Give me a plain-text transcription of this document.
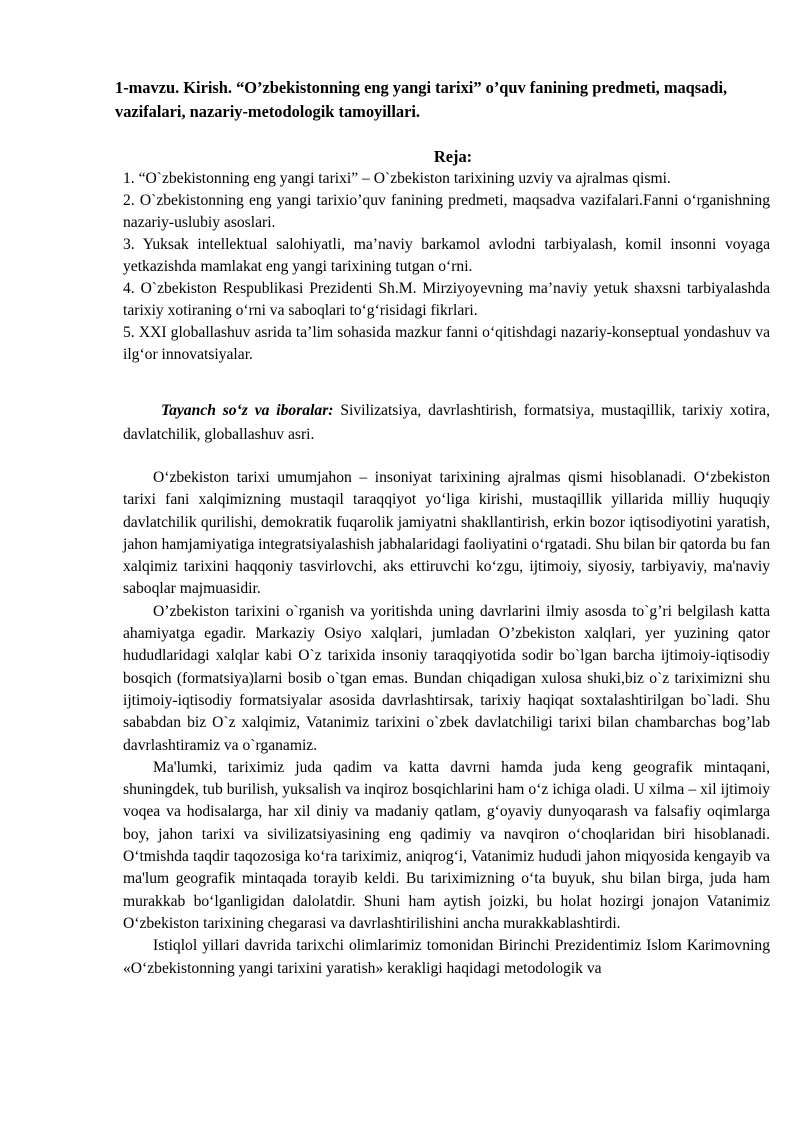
1-mavzu. Kirish. “O’zbekistonning eng yangi tarixi” o’quv fanining predmeti, maqsadi, vazifalari, nazariy-metodologik tamoyillari.
Reja:
1. “O`zbekistonning eng yangi tarixi” – O`zbekiston tarixining uzviy va ajralmas qismi.
2. O`zbekistonning eng yangi tarixio’quv fanining predmeti, maqsadva vazifalari.Fanni o‘rganishning nazariy-uslubiy asoslari.
3. Yuksak intellektual salohiyatli, ma’naviy barkamol avlodni tarbiyalash, komil insonni voyaga yetkazishda mamlakat eng yangi tarixining tutgan o‘rni.
4. O`zbekiston Respublikasi Prezidenti Sh.M. Mirziyoyevning ma’naviy yetuk shaxsni tarbiyalashda tarixiy xotiraning o‘rni va saboqlari to‘g‘risidagi fikrlari.
5. XXI globallashuv asrida ta’lim sohasida mazkur fanni o‘qitishdagi nazariy-konseptual yondashuv va ilg‘or innovatsiyalar.

Tayanch so‘z va iboralar: Sivilizatsiya, davrlashtirish, formatsiya, mustaqillik, tarixiy xotira, davlatchilik, globallashuv asri.

O‘zbekiston tarixi umumjahon – insoniyat tarixining ajralmas qismi hisoblanadi. O‘zbekiston tarixi fani xalqimizning mustaqil taraqqiyot yo‘liga kirishi, mustaqillik yillarida milliy huquqiy davlatchilik qurilishi, demokratik fuqarolik jamiyatni shakllantirish, erkin bozor iqtisodiyotini yaratish, jahon hamjamiyatiga integratsiyalashish jabhalaridagi faoliyatini o‘rgatadi. Shu bilan bir qatorda bu fan xalqimiz tarixini haqqoniy tasvirlovchi, aks ettiruvchi ko‘zgu, ijtimoiy, siyosiy, tarbiyaviy, ma'naviy saboqlar majmuasidir.

O’zbekiston tarixini o`rganish va yoritishda uning davrlarini ilmiy asosda to`g’ri belgilash katta ahamiyatga egadir. Markaziy Osiyo xalqlari, jumladan O’zbekiston xalqlari, yer yuzining qator hududlaridagi xalqlar kabi O`z tarixida insoniy taraqqiyotida sodir bo`lgan barcha ijtimoiy-iqtisodiy bosqich (formatsiya)larni bosib o`tgan emas. Bundan chiqadigan xulosa shuki,biz o`z tariximizni shu ijtimoiy-iqtisodiy formatsiyalar asosida davrlashtirsak, tarixiy haqiqat soxtalashtirilgan bo`ladi. Shu sababdan biz O`z xalqimiz, Vatanimiz tarixini o`zbek davlatchiligi tarixi bilan chambarchas bog’lab davrlashtiramiz va o`rganamiz.

Ma'lumki, tariximiz juda qadim va katta davrni hamda juda keng geografik mintaqani, shuningdek, tub burilish, yuksalish va inqiroz bosqichlarini ham o‘z ichiga oladi. U xilma – xil ijtimoiy voqea va hodisalarga, har xil diniy va madaniy qatlam, g‘oyaviy dunyoqarash va falsafiy oqimlarga boy, jahon tarixi va sivilizatsiyasining eng qadimiy va navqiron o‘choqlaridan biri hisoblanadi. O‘tmishda taqdir taqozosiga ko‘ra tariximiz, aniqrog‘i, Vatanimiz hududi jahon miqyosida kengayib va ma'lum geografik mintaqada torayib keldi. Bu tariximizning o‘ta buyuk, shu bilan birga, juda ham murakkab bo‘lganligidan dalolatdir. Shuni ham aytish joizki, bu holat hozirgi jonajon Vatanimiz O‘zbekiston tarixining chegarasi va davrlashtirilishini ancha murakkablashtirdi.

Istiqlol yillari davrida tarixchi olimlarimiz tomonidan Birinchi Prezidentimiz Islom Karimovning «O‘zbekistonning yangi tarixini yaratish» kerakligi haqidagi metodologik va
